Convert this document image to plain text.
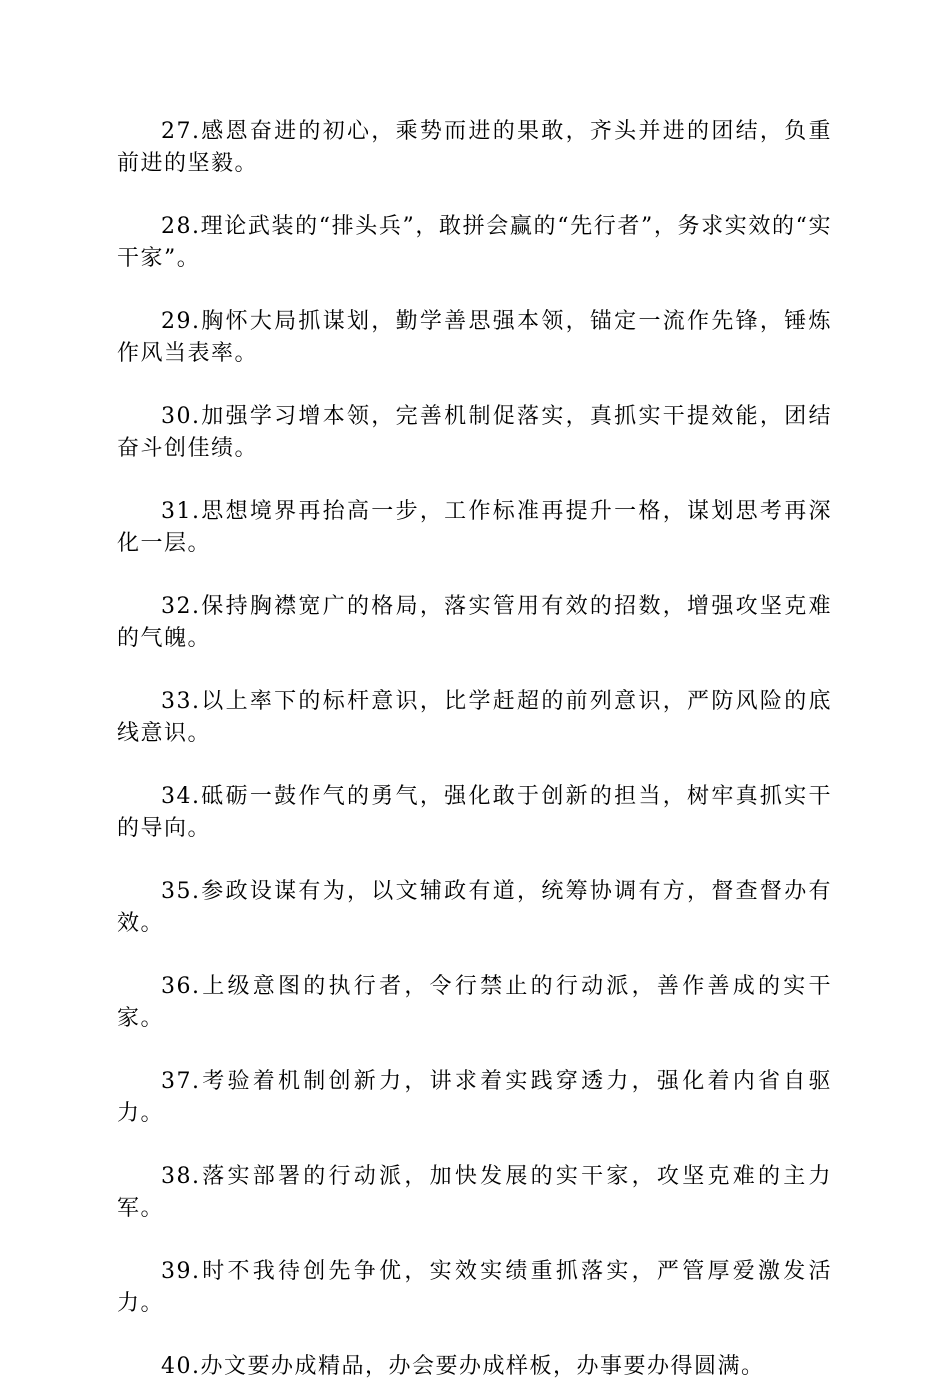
27.感恩奋进的初心，乘势而进的果敢，齐头并进的团结，负重前进的坚毅。

28.理论武装的“排头兵”，敢拼会赢的“先行者”，务求实效的“实干家”。

29.胸怀大局抓谋划，勤学善思强本领，锚定一流作先锋，锤炼作风当表率。

30.加强学习增本领，完善机制促落实，真抓实干提效能，团结奋斗创佳绩。

31.思想境界再抬高一步，工作标准再提升一格，谋划思考再深化一层。

32.保持胸襟宽广的格局，落实管用有效的招数，增强攻坚克难的气魄。

33.以上率下的标杆意识，比学赶超的前列意识，严防风险的底线意识。

34.砥砺一鼓作气的勇气，强化敢于创新的担当，树牢真抓实干的导向。

35.参政设谋有为，以文辅政有道，统筹协调有方，督查督办有效。

36.上级意图的执行者，令行禁止的行动派，善作善成的实干家。

37.考验着机制创新力，讲求着实践穿透力，强化着内省自驱力。

38.落实部署的行动派，加快发展的实干家，攻坚克难的主力军。

39.时不我待创先争优，实效实绩重抓落实，严管厚爱激发活力。

40.办文要办成精品，办会要办成样板，办事要办得圆满。
